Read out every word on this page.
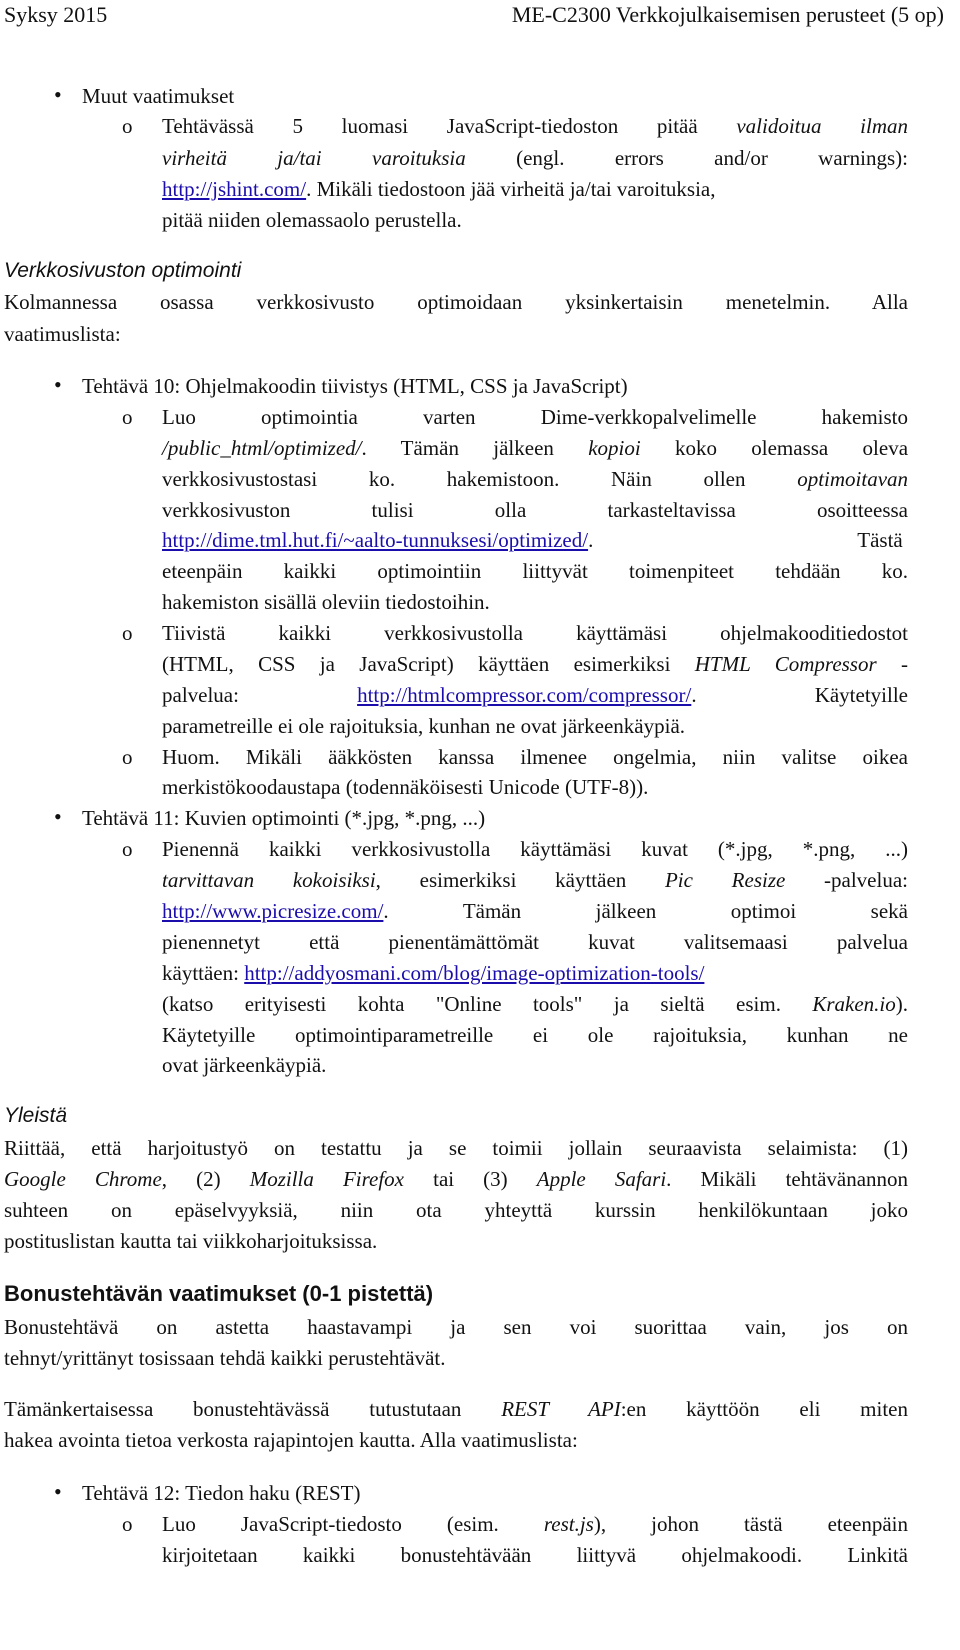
Syksy 2015	ME-C2300 Verkkojulkaisemisen perusteet (5 op)
• Muut vaatimukset
o Tehtävässä 5 luomasi JavaScript-tiedoston pitää validoitua ilman
virheitä ja/tai varoituksia (engl. errors and/or warnings):
http://jshint.com/. Mikäli tiedostoon jää virheitä ja/tai varoituksia,
pitää niiden olemassaolo perustella.
Verkkosivuston optimointi
Kolmannessa osassa verkkosivusto optimoidaan yksinkertaisin menetelmin. Alla
vaatimuslista:
• Tehtävä 10: Ohjelmakoodin tiivistys (HTML, CSS ja JavaScript)
o Luo optimointia varten Dime-verkkopalvelimelle hakemisto
/public_html/optimized/. Tämän jälkeen kopioi koko olemassa oleva
verkkosivustostasi ko. hakemistoon. Näin ollen optimoitavan
verkkosivuston tulisi olla tarkasteltavissa osoitteessa
http://dime.tml.hut.fi/~aalto-tunnuksesi/optimized/. Tästä
eteenpäin kaikki optimointiin liittyvät toimenpiteet tehdään ko.
hakemiston sisällä oleviin tiedostoihin.
o Tiivistä kaikki verkkosivustolla käyttämäsi ohjelmakooditiedostot
(HTML, CSS ja JavaScript) käyttäen esimerkiksi HTML Compressor -
palvelua:	http://htmlcompressor.com/compressor/. Käytetyille
parametreille ei ole rajoituksia, kunhan ne ovat järkeenkäypiä.
o Huom. Mikäli ääkkösten kanssa ilmenee ongelmia, niin valitse oikea
merkistökoodaustapa (todennäköisesti Unicode (UTF-8)).
• Tehtävä 11: Kuvien optimointi (*.jpg, *.png, ...)
o Pienennä kaikki verkkosivustolla käyttämäsi kuvat (*.jpg, *.png, ...)
tarvittavan kokoisiksi, esimerkiksi käyttäen Pic Resize -palvelua:
http://www.picresize.com/. Tämän jälkeen optimoi sekä
pienennetyt että pienentämättömät kuvat valitsemaasi palvelua
käyttäen: http://addyosmani.com/blog/image-optimization-tools/
(katso erityisesti kohta "Online tools" ja sieltä esim. Kraken.io).
Käytetyille optimointiparametreille ei ole rajoituksia, kunhan ne
ovat järkeenkäypiä.
Yleistä
Riittää, että harjoitustyö on testattu ja se toimii jollain seuraavista selaimista: (1)
Google Chrome, (2) Mozilla Firefox tai (3) Apple Safari. Mikäli tehtävänannon
suhteen on epäselvyyksiä, niin ota yhteyttä kurssin henkilökuntaan joko
postituslistan kautta tai viikkoharjoituksissa.
Bonustehtävän vaatimukset (0-1 pistettä)
Bonustehtävä on astetta haastavampi ja sen voi suorittaa vain, jos on
tehnyt/yrittänyt tosissaan tehdä kaikki perustehtävät.
Tämänkertaisessa bonustehtävässä tutustutaan REST API:en käyttöön eli miten
hakea avointa tietoa verkosta rajapintojen kautta. Alla vaatimuslista:
• Tehtävä 12: Tiedon haku (REST)
o Luo JavaScript-tiedosto (esim. rest.js), johon tästä eteenpäin
kirjoitetaan kaikki bonustehtävään liittyvä ohjelmakoodi. Linkitä
